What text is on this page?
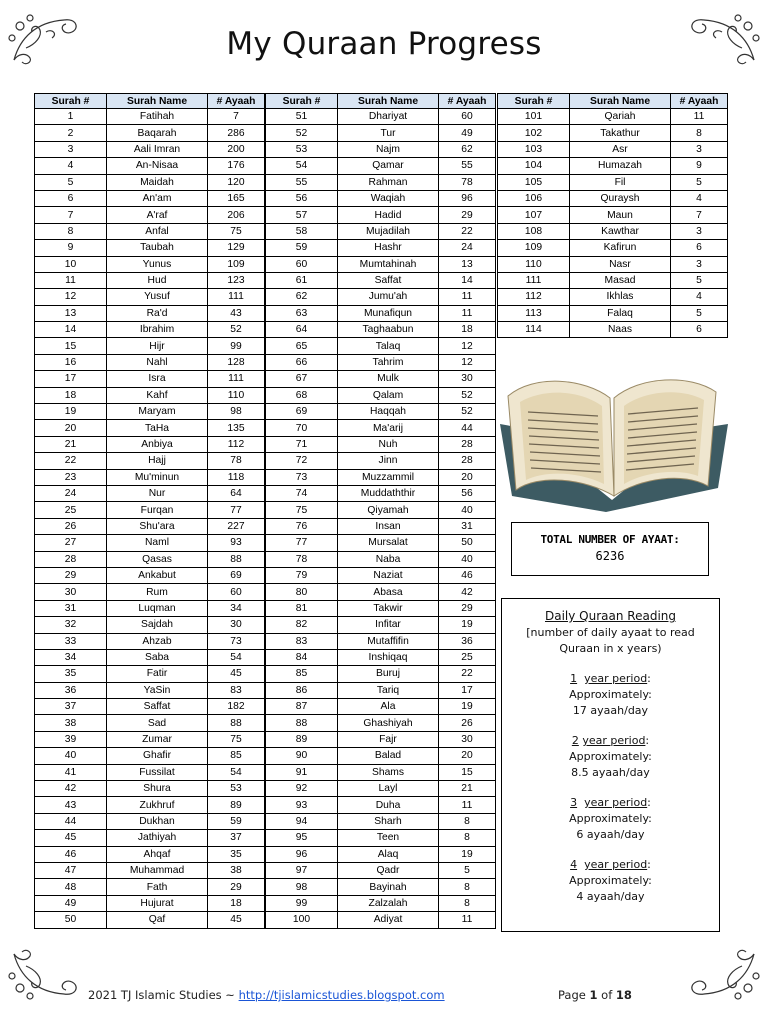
My Quraan Progress
Surah #	Surah Name	# Ayaah
1	Fatihah	7
2	Baqarah	286
3	Aali Imran	200
4	An-Nisaa	176
5	Maidah	120
6	An'am	165
7	A'raf	206
8	Anfal	75
9	Taubah	129
10	Yunus	109
11	Hud	123
12	Yusuf	111
13	Ra'd	43
14	Ibrahim	52
15	Hijr	99
16	Nahl	128
17	Isra	111
18	Kahf	110
19	Maryam	98
20	TaHa	135
21	Anbiya	112
22	Hajj	78
23	Mu'minun	118
24	Nur	64
25	Furqan	77
26	Shu'ara	227
27	Naml	93
28	Qasas	88
29	Ankabut	69
30	Rum	60
31	Luqman	34
32	Sajdah	30
33	Ahzab	73
34	Saba	54
35	Fatir	45
36	YaSin	83
37	Saffat	182
38	Sad	88
39	Zumar	75
40	Ghafir	85
41	Fussilat	54
42	Shura	53
43	Zukhruf	89
44	Dukhan	59
45	Jathiyah	37
46	Ahqaf	35
47	Muhammad	38
48	Fath	29
49	Hujurat	18
50	Qaf	45
Surah #	Surah Name	# Ayaah
51	Dhariyat	60
52	Tur	49
53	Najm	62
54	Qamar	55
55	Rahman	78
56	Waqiah	96
57	Hadid	29
58	Mujadilah	22
59	Hashr	24
60	Mumtahinah	13
61	Saffat	14
62	Jumu'ah	11
63	Munafiqun	11
64	Taghaabun	18
65	Talaq	12
66	Tahrim	12
67	Mulk	30
68	Qalam	52
69	Haqqah	52
70	Ma'arij	44
71	Nuh	28
72	Jinn	28
73	Muzzammil	20
74	Muddaththir	56
75	Qiyamah	40
76	Insan	31
77	Mursalat	50
78	Naba	40
79	Naziat	46
80	Abasa	42
81	Takwir	29
82	Infitar	19
83	Mutaffifin	36
84	Inshiqaq	25
85	Buruj	22
86	Tariq	17
87	Ala	19
88	Ghashiyah	26
89	Fajr	30
90	Balad	20
91	Shams	15
92	Layl	21
93	Duha	11
94	Sharh	8
95	Teen	8
96	Alaq	19
97	Qadr	5
98	Bayinah	8
99	Zalzalah	8
100	Adiyat	11
Surah #	Surah Name	# Ayaah
101	Qariah	11
102	Takathur	8
103	Asr	3
104	Humazah	9
105	Fil	5
106	Quraysh	4
107	Maun	7
108	Kawthar	3
109	Kafirun	6
110	Nasr	3
111	Masad	5
112	Ikhlas	4
113	Falaq	5
114	Naas	6
TOTAL NUMBER OF AYAAT:
6236
Daily Quraan Reading
[number of daily ayaat to read
Quraan in x years)
1 year period:
Approximately:
17 ayaah/day
2 year period:
Approximately:
8.5 ayaah/day
3 year period:
Approximately:
6 ayaah/day
4 year period:
Approximately:
4 ayaah/day
2021 TJ Islamic Studies ~ http://tjislamicstudies.blogspot.com	Page 1 of 18
